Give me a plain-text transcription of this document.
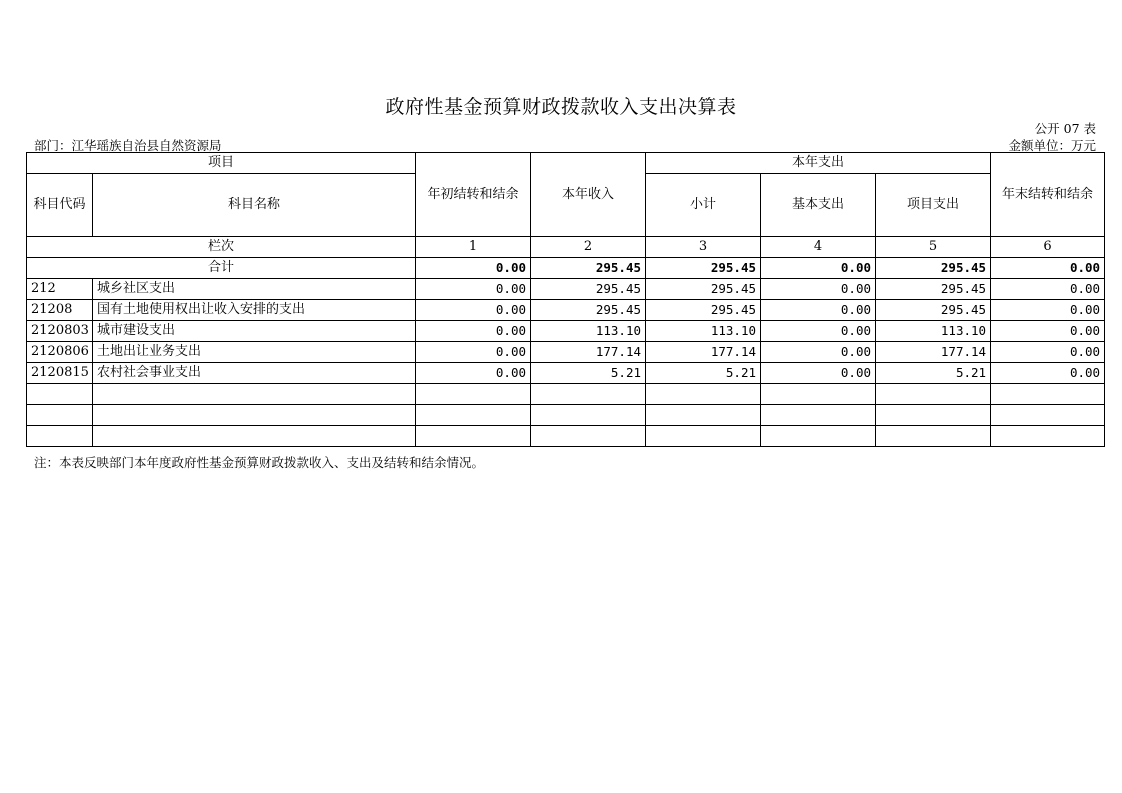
政府性基金预算财政拨款收入支出决算表
公开 07 表
部门：江华瑶族自治县自然资源局	金额单位：万元
项目		年初结转和结余	本年收入	本年支出			年末结转和结余
科目代码	科目名称			小计	基本支出	项目支出	
栏次		1	2	3	4	5	6
合计		0.00	295.45	295.45	0.00	295.45	0.00
212	城乡社区支出	0.00	295.45	295.45	0.00	295.45	0.00
21208	国有土地使用权出让收入安排的支出	0.00	295.45	295.45	0.00	295.45	0.00
2120803	城市建设支出	0.00	113.10	113.10	0.00	113.10	0.00
2120806	土地出让业务支出	0.00	177.14	177.14	0.00	177.14	0.00
2120815	农村社会事业支出	0.00	5.21	5.21	0.00	5.21	0.00

注：本表反映部门本年度政府性基金预算财政拨款收入、支出及结转和结余情况。
